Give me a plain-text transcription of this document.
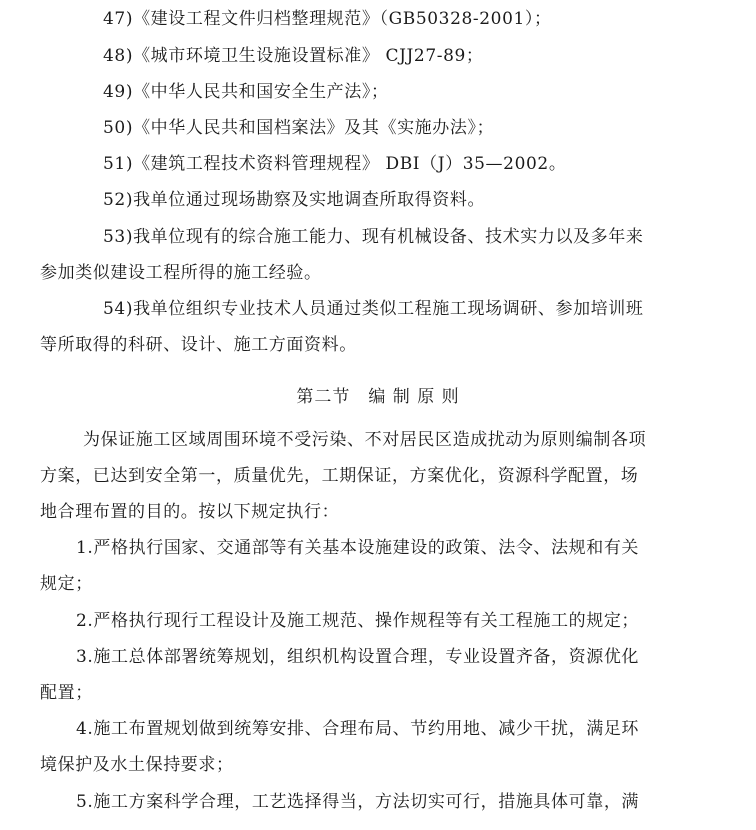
47)《建设工程文件归档整理规范》（GB50328-2001）；
48)《城市环境卫生设施设置标准》 CJJ27-89；
49)《中华人民共和国安全生产法》；
50)《中华人民共和国档案法》及其《实施办法》；
51)《建筑工程技术资料管理规程》 DBI（J）35—2002。
52)我单位通过现场勘察及实地调查所取得资料。
53)我单位现有的综合施工能力、现有机械设备、技术实力以及多年来
参加类似建设工程所得的施工经验。
54)我单位组织专业技术人员通过类似工程施工现场调研、参加培训班
等所取得的科研、设计、施工方面资料。
第二节　编 制 原 则
为保证施工区域周围环境不受污染、不对居民区造成扰动为原则编制各项
方案，已达到安全第一，质量优先，工期保证，方案优化，资源科学配置，场
地合理布置的目的。按以下规定执行：
1.严格执行国家、交通部等有关基本设施建设的政策、法令、法规和有关
规定；
2.严格执行现行工程设计及施工规范、操作规程等有关工程施工的规定；
3.施工总体部署统筹规划，组织机构设置合理，专业设置齐备，资源优化
配置；
4.施工布置规划做到统筹安排、合理布局、节约用地、减少干扰，满足环
境保护及水土保持要求；
5.施工方案科学合理，工艺选择得当，方法切实可行，措施具体可靠，满
